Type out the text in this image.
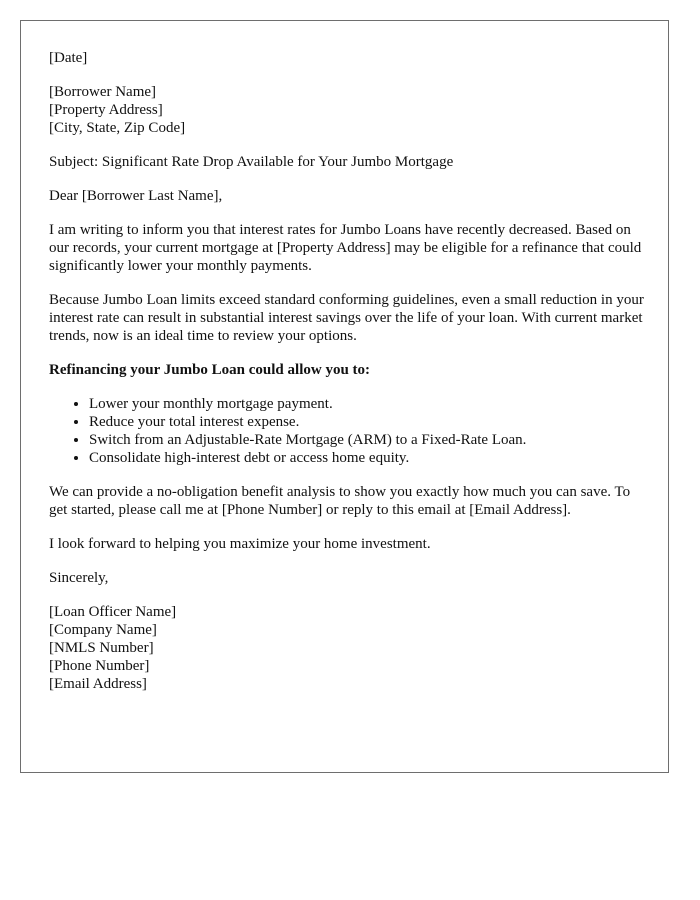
[Date]

[Borrower Name]
[Property Address]
[City, State, Zip Code]

Subject: Significant Rate Drop Available for Your Jumbo Mortgage

Dear [Borrower Last Name],

I am writing to inform you that interest rates for Jumbo Loans have recently decreased. Based on our records, your current mortgage at [Property Address] may be eligible for a refinance that could significantly lower your monthly payments.

Because Jumbo Loan limits exceed standard conforming guidelines, even a small reduction in your interest rate can result in substantial interest savings over the life of your loan. With current market trends, now is an ideal time to review your options.

Refinancing your Jumbo Loan could allow you to:

• Lower your monthly mortgage payment.
• Reduce your total interest expense.
• Switch from an Adjustable-Rate Mortgage (ARM) to a Fixed-Rate Loan.
• Consolidate high-interest debt or access home equity.

We can provide a no-obligation benefit analysis to show you exactly how much you can save. To get started, please call me at [Phone Number] or reply to this email at [Email Address].

I look forward to helping you maximize your home investment.

Sincerely,

[Loan Officer Name]
[Company Name]
[NMLS Number]
[Phone Number]
[Email Address]
